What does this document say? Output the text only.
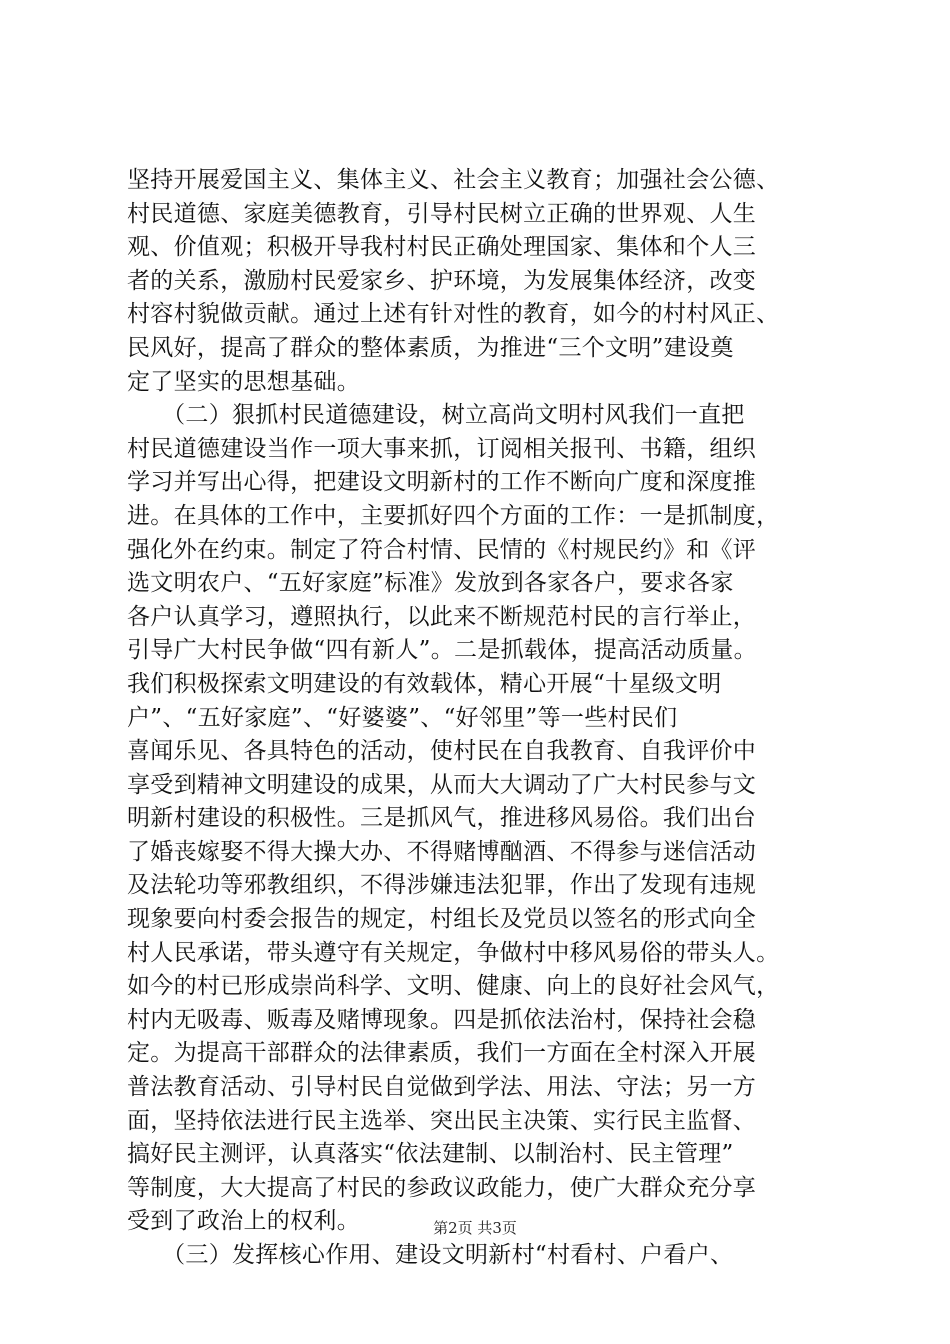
坚持开展爱国主义、集体主义、社会主义教育；加强社会公德、
村民道德、家庭美德教育，引导村民树立正确的世界观、人生
观、价值观；积极开导我村村民正确处理国家、集体和个人三
者的关系，激励村民爱家乡、护环境，为发展集体经济，改变
村容村貌做贡献。通过上述有针对性的教育，如今的村村风正、
民风好，提高了群众的整体素质，为推进“三个文明”建设奠
定了坚实的思想基础。
　　（二）狠抓村民道德建设，树立高尚文明村风我们一直把
村民道德建设当作一项大事来抓，订阅相关报刊、书籍，组织
学习并写出心得，把建设文明新村的工作不断向广度和深度推
进。在具体的工作中，主要抓好四个方面的工作：一是抓制度，
强化外在约束。制定了符合村情、民情的《村规民约》和《评
选文明农户、“五好家庭”标准》发放到各家各户，要求各家
各户认真学习，遵照执行，以此来不断规范村民的言行举止，
引导广大村民争做“四有新人”。二是抓载体，提高活动质量。
我们积极探索文明建设的有效载体，精心开展“十星级文明
户”、“五好家庭”、“好婆婆”、“好邻里”等一些村民们
喜闻乐见、各具特色的活动，使村民在自我教育、自我评价中
享受到精神文明建设的成果，从而大大调动了广大村民参与文
明新村建设的积极性。三是抓风气，推进移风易俗。我们出台
了婚丧嫁娶不得大操大办、不得赌博酗酒、不得参与迷信活动
及法轮功等邪教组织，不得涉嫌违法犯罪，作出了发现有违规
现象要向村委会报告的规定，村组长及党员以签名的形式向全
村人民承诺，带头遵守有关规定，争做村中移风易俗的带头人。
如今的村已形成崇尚科学、文明、健康、向上的良好社会风气，
村内无吸毒、贩毒及赌博现象。四是抓依法治村，保持社会稳
定。为提高干部群众的法律素质，我们一方面在全村深入开展
普法教育活动、引导村民自觉做到学法、用法、守法；另一方
面，坚持依法进行民主选举、突出民主决策、实行民主监督、
搞好民主测评，认真落实“依法建制、以制治村、民主管理”
等制度，大大提高了村民的参政议政能力，使广大群众充分享
受到了政治上的权利。
　　（三）发挥核心作用、建设文明新村“村看村、户看户、
第2页 共3页
